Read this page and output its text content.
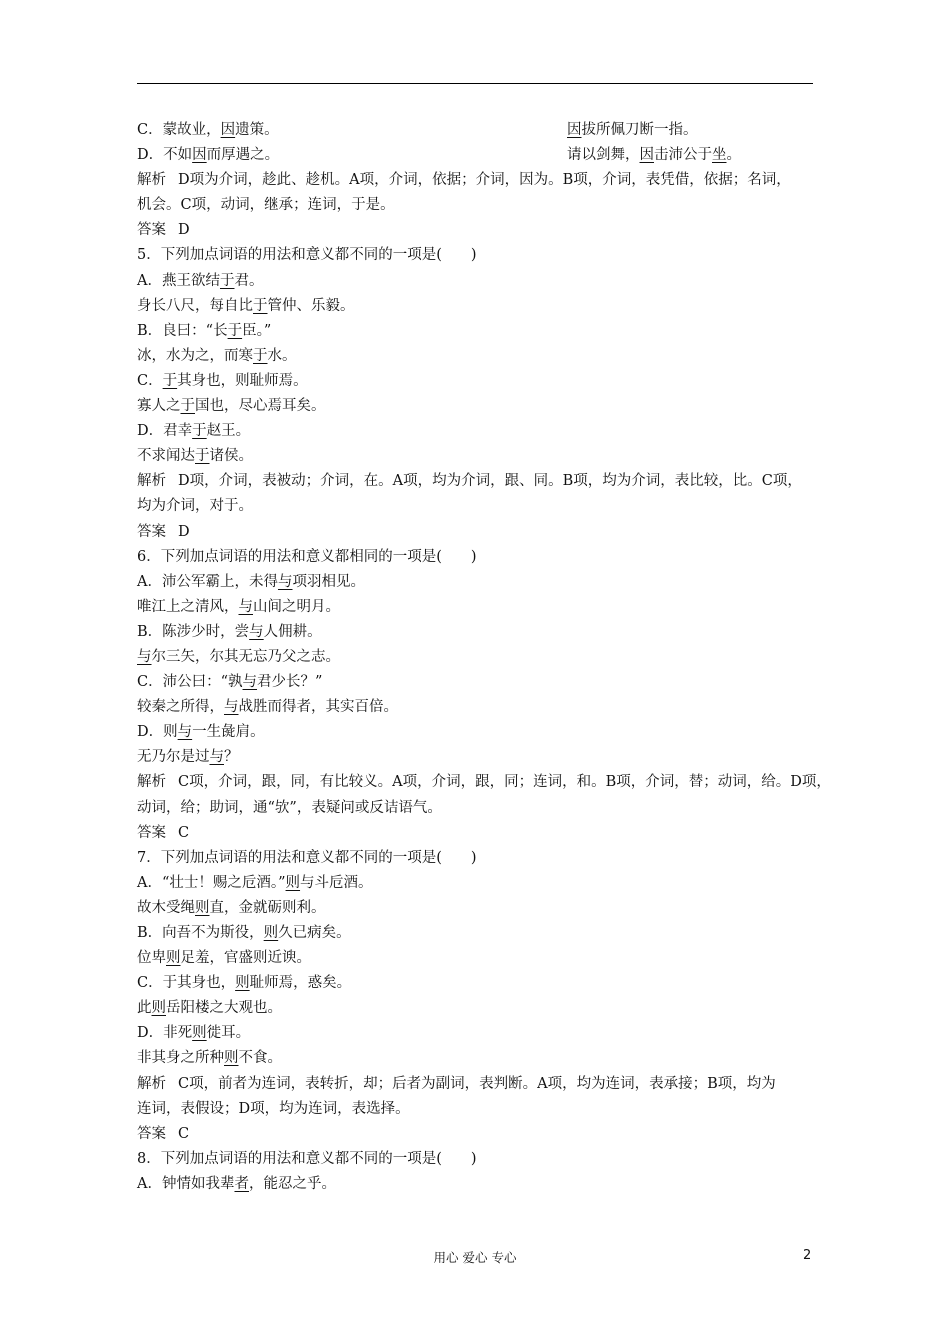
C．蒙故业，因遗策。	因拔所佩刀断一指。
D．不如因而厚遇之。	请以剑舞，因击沛公于坐。
解析 D项为介词，趁此、趁机。A项，介词，依据；介词，因为。B项，介词，表凭借，依据；名词，
机会。C项，动词，继承；连词，于是。
答案 D
5．下列加点词语的用法和意义都不同的一项是(　　)
A．燕王欲结于君。
身长八尺，每自比于管仲、乐毅。
B．良曰：“长于臣。”
冰，水为之，而寒于水。
C．于其身也，则耻师焉。
寡人之于国也，尽心焉耳矣。
D．君幸于赵王。
不求闻达于诸侯。
解析 D项，介词，表被动；介词，在。A项，均为介词，跟、同。B项，均为介词，表比较，比。C项，
均为介词，对于。
答案 D
6．下列加点词语的用法和意义都相同的一项是(　　)
A．沛公军霸上，未得与项羽相见。
唯江上之清风，与山间之明月。
B．陈涉少时，尝与人佣耕。
与尔三矢，尔其无忘乃父之志。
C．沛公曰：“孰与君少长？”
较秦之所得，与战胜而得者，其实百倍。
D．则与一生彘肩。
无乃尔是过与？
解析 C项，介词，跟，同，有比较义。A项，介词，跟，同；连词，和。B项，介词，替；动词，给。D项，
动词，给；助词，通“欤”，表疑问或反诘语气。
答案 C
7．下列加点词语的用法和意义都不同的一项是(　　)
A．“壮士！赐之卮酒。”则与斗卮酒。
故木受绳则直，金就砺则利。
B．向吾不为斯役，则久已病矣。
位卑则足羞，官盛则近谀。
C．于其身也，则耻师焉，惑矣。
此则岳阳楼之大观也。
D．非死则徙耳。
非其身之所种则不食。
解析 C项，前者为连词，表转折，却；后者为副词，表判断。A项，均为连词，表承接；B项，均为
连词，表假设；D项，均为连词，表选择。
答案 C
8．下列加点词语的用法和意义都不同的一项是(　　)
A．钟情如我辈者，能忍之乎。
用心 爱心 专心	2
